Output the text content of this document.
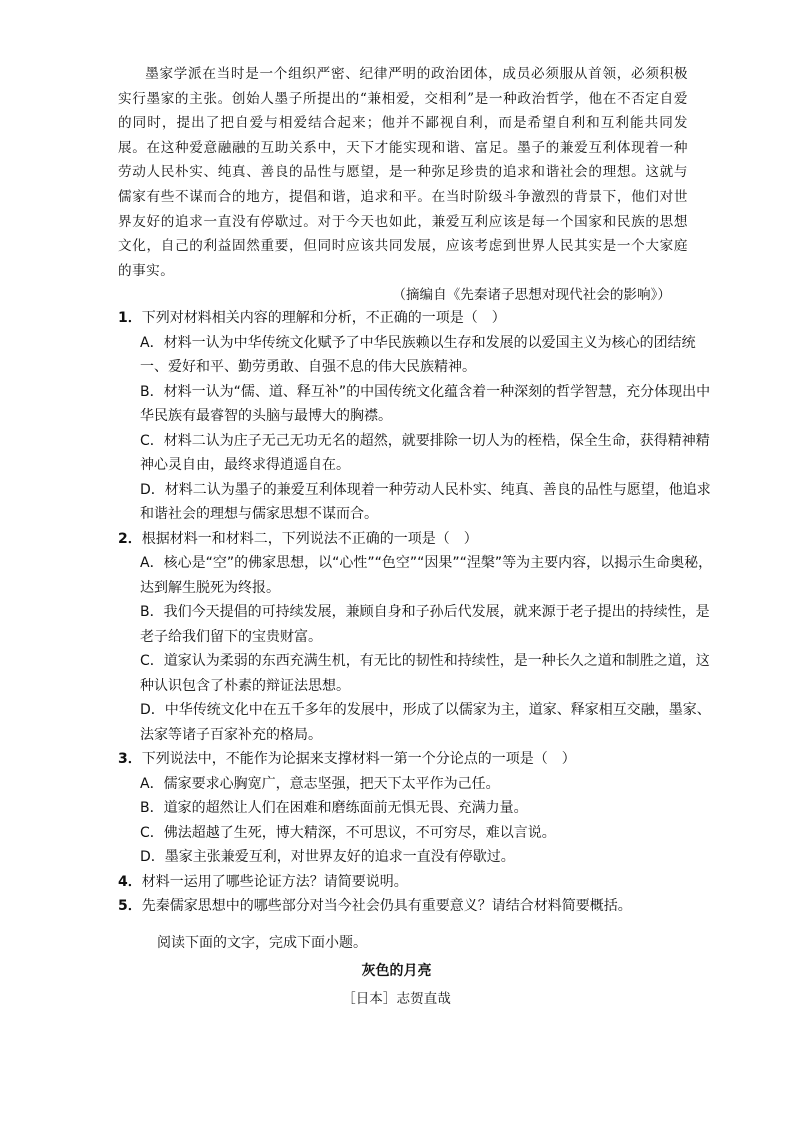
墨家学派在当时是一个组织严密、纪律严明的政治团体，成员必须服从首领，必须积极实行墨家的主张。创始人墨子所提出的“兼相爱，交相利”是一种政治哲学，他在不否定自爱的同时，提出了把自爱与相爱结合起来；他并不鄙视自利，而是希望自利和互利能共同发展。在这种爱意融融的互助关系中，天下才能实现和谐、富足。墨子的兼爱互利体现着一种劳动人民朴实、纯真、善良的品性与愿望，是一种弥足珍贵的追求和谐社会的理想。这就与儒家有些不谋而合的地方，提倡和谐，追求和平。在当时阶级斗争激烈的背景下，他们对世界友好的追求一直没有停歇过。对于今天也如此，兼爱互利应该是每一个国家和民族的思想文化，自己的利益固然重要，但同时应该共同发展，应该考虑到世界人民其实是一个大家庭的事实。

（摘编自《先秦诸子思想对现代社会的影响》）

1．下列对材料相关内容的理解和分析，不正确的一项是（　）

A．材料一认为中华传统文化赋予了中华民族赖以生存和发展的以爱国主义为核心的团结统一、爱好和平、勤劳勇敢、自强不息的伟大民族精神。

B．材料一认为“儒、道、释互补”的中国传统文化蕴含着一种深刻的哲学智慧，充分体现出中华民族有最睿智的头脑与最博大的胸襟。

C．材料二认为庄子无己无功无名的超然，就要排除一切人为的桎梏，保全生命，获得精神精神心灵自由，最终求得逍遥自在。

D．材料二认为墨子的兼爱互利体现着一种劳动人民朴实、纯真、善良的品性与愿望，他追求和谐社会的理想与儒家思想不谋而合。

2．根据材料一和材料二，下列说法不正确的一项是（　）

A．核心是“空”的佛家思想，以“心性”“色空”“因果”“涅槃”等为主要内容，以揭示生命奥秘，达到解生脱死为终报。

B．我们今天提倡的可持续发展，兼顾自身和子孙后代发展，就来源于老子提出的持续性，是老子给我们留下的宝贵财富。

C．道家认为柔弱的东西充满生机，有无比的韧性和持续性，是一种长久之道和制胜之道，这种认识包含了朴素的辩证法思想。

D．中华传统文化中在五千多年的发展中，形成了以儒家为主，道家、释家相互交融，墨家、法家等诸子百家补充的格局。

3．下列说法中，不能作为论据来支撑材料一第一个分论点的一项是（　）

A．儒家要求心胸宽广，意志坚强，把天下太平作为己任。

B．道家的超然让人们在困难和磨练面前无惧无畏、充满力量。

C．佛法超越了生死，博大精深，不可思议，不可穷尽，难以言说。

D．墨家主张兼爱互利，对世界友好的追求一直没有停歇过。

4．材料一运用了哪些论证方法？请简要说明。

5．先秦儒家思想中的哪些部分对当今社会仍具有重要意义？请结合材料简要概括。

阅读下面的文字，完成下面小题。
灰色的月亮
［日本］志贺直哉
